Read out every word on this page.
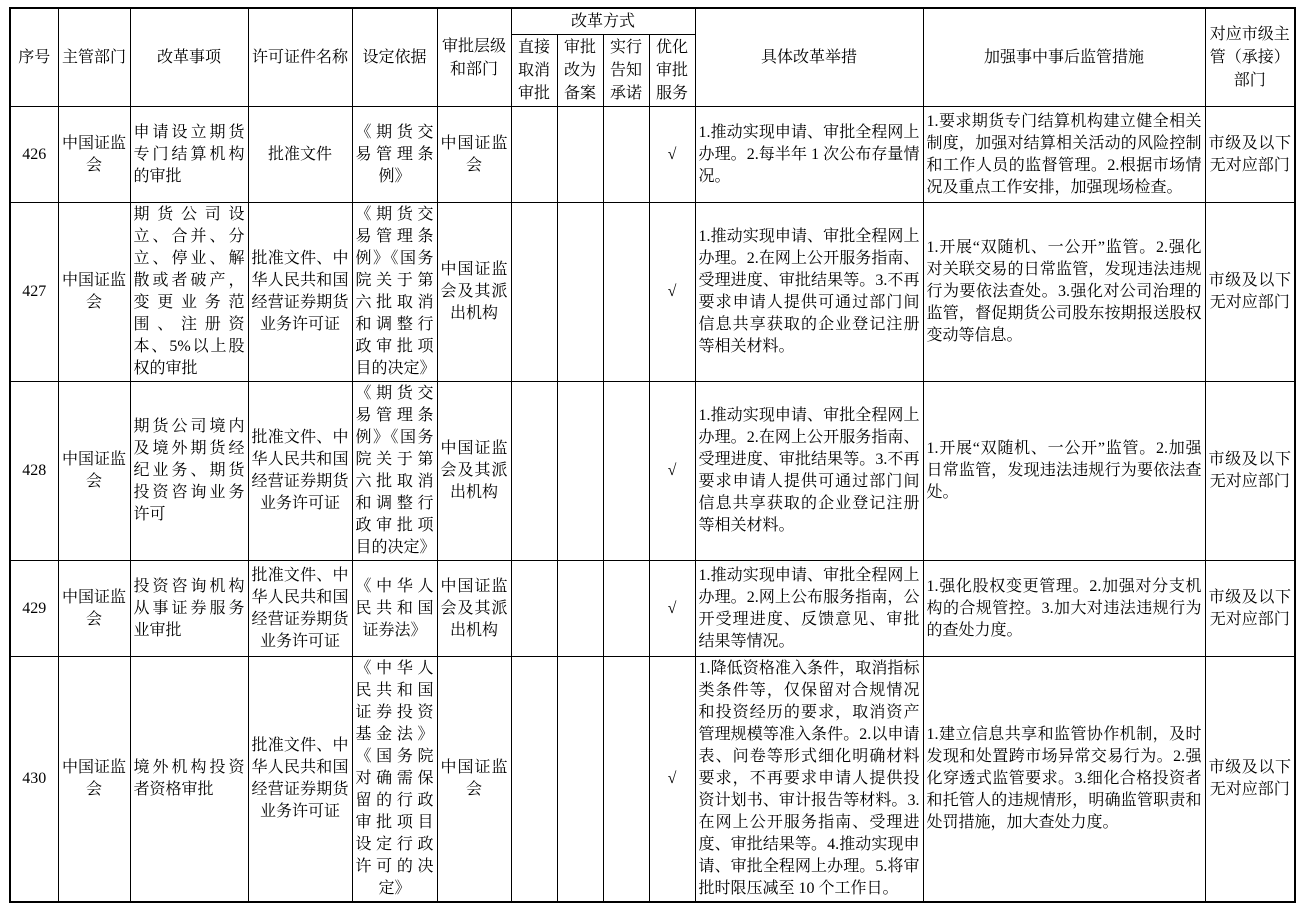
序号	主管部门	改革事项	许可证件名称	设定依据	审批层级和部门	改革方式				具体改革举措	加强事中事后监管措施	对应市级主管（承接）部门
						直接取消审批	审批改为备案	实行告知承诺	优化审批服务			
426	中国证监会	申请设立期货专门结算机构的审批	批准文件	《期货交易管理条例》	中国证监会				√	1.推动实现申请、审批全程网上办理。2.每半年 1 次公布存量情况。	1.要求期货专门结算机构建立健全相关制度，加强对结算相关活动的风险控制和工作人员的监督管理。2.根据市场情况及重点工作安排，加强现场检查。	市级及以下无对应部门
427	中国证监会	期货公司设立、合并、分立、停业、解散或者破产，变更业务范围、注册资本、5%以上股权的审批	批准文件、中华人民共和国经营证券期货业务许可证	《期货交易管理条例》《国务院关于第六批取消和调整行政审批项目的决定》	中国证监会及其派出机构				√	1.推动实现申请、审批全程网上办理。2.在网上公开服务指南、受理进度、审批结果等。3.不再要求申请人提供可通过部门间信息共享获取的企业登记注册等相关材料。	1.开展“双随机、一公开”监管。2.强化对关联交易的日常监管，发现违法违规行为要依法查处。3.强化对公司治理的监管，督促期货公司股东按期报送股权变动等信息。	市级及以下无对应部门
428	中国证监会	期货公司境内及境外期货经纪业务、期货投资咨询业务许可	批准文件、中华人民共和国经营证券期货业务许可证	《期货交易管理条例》《国务院关于第六批取消和调整行政审批项目的决定》	中国证监会及其派出机构				√	1.推动实现申请、审批全程网上办理。2.在网上公开服务指南、受理进度、审批结果等。3.不再要求申请人提供可通过部门间信息共享获取的企业登记注册等相关材料。	1.开展“双随机、一公开”监管。2.加强日常监管，发现违法违规行为要依法查处。	市级及以下无对应部门
429	中国证监会	投资咨询机构从事证券服务业审批	批准文件、中华人民共和国经营证券期货业务许可证	《中华人民共和国证券法》	中国证监会及其派出机构				√	1.推动实现申请、审批全程网上办理。2.网上公布服务指南，公开受理进度、反馈意见、审批结果等情况。	1.强化股权变更管理。2.加强对分支机构的合规管控。3.加大对违法违规行为的查处力度。	市级及以下无对应部门
430	中国证监会	境外机构投资者资格审批	批准文件、中华人民共和国经营证券期货业务许可证	《中华人民共和国证券投资基金法》《国务院对确需保留的行政审批项目设定行政许可的决定》	中国证监会				√	1.降低资格准入条件，取消指标类条件等，仅保留对合规情况和投资经历的要求，取消资产管理规模等准入条件。2.以申请表、问卷等形式细化明确材料要求，不再要求申请人提供投资计划书、审计报告等材料。3.在网上公开服务指南、受理进度、审批结果等。4.推动实现申请、审批全程网上办理。5.将审批时限压减至 10 个工作日。	1.建立信息共享和监管协作机制，及时发现和处置跨市场异常交易行为。2.强化穿透式监管要求。3.细化合格投资者和托管人的违规情形，明确监管职责和处罚措施，加大查处力度。	市级及以下无对应部门
